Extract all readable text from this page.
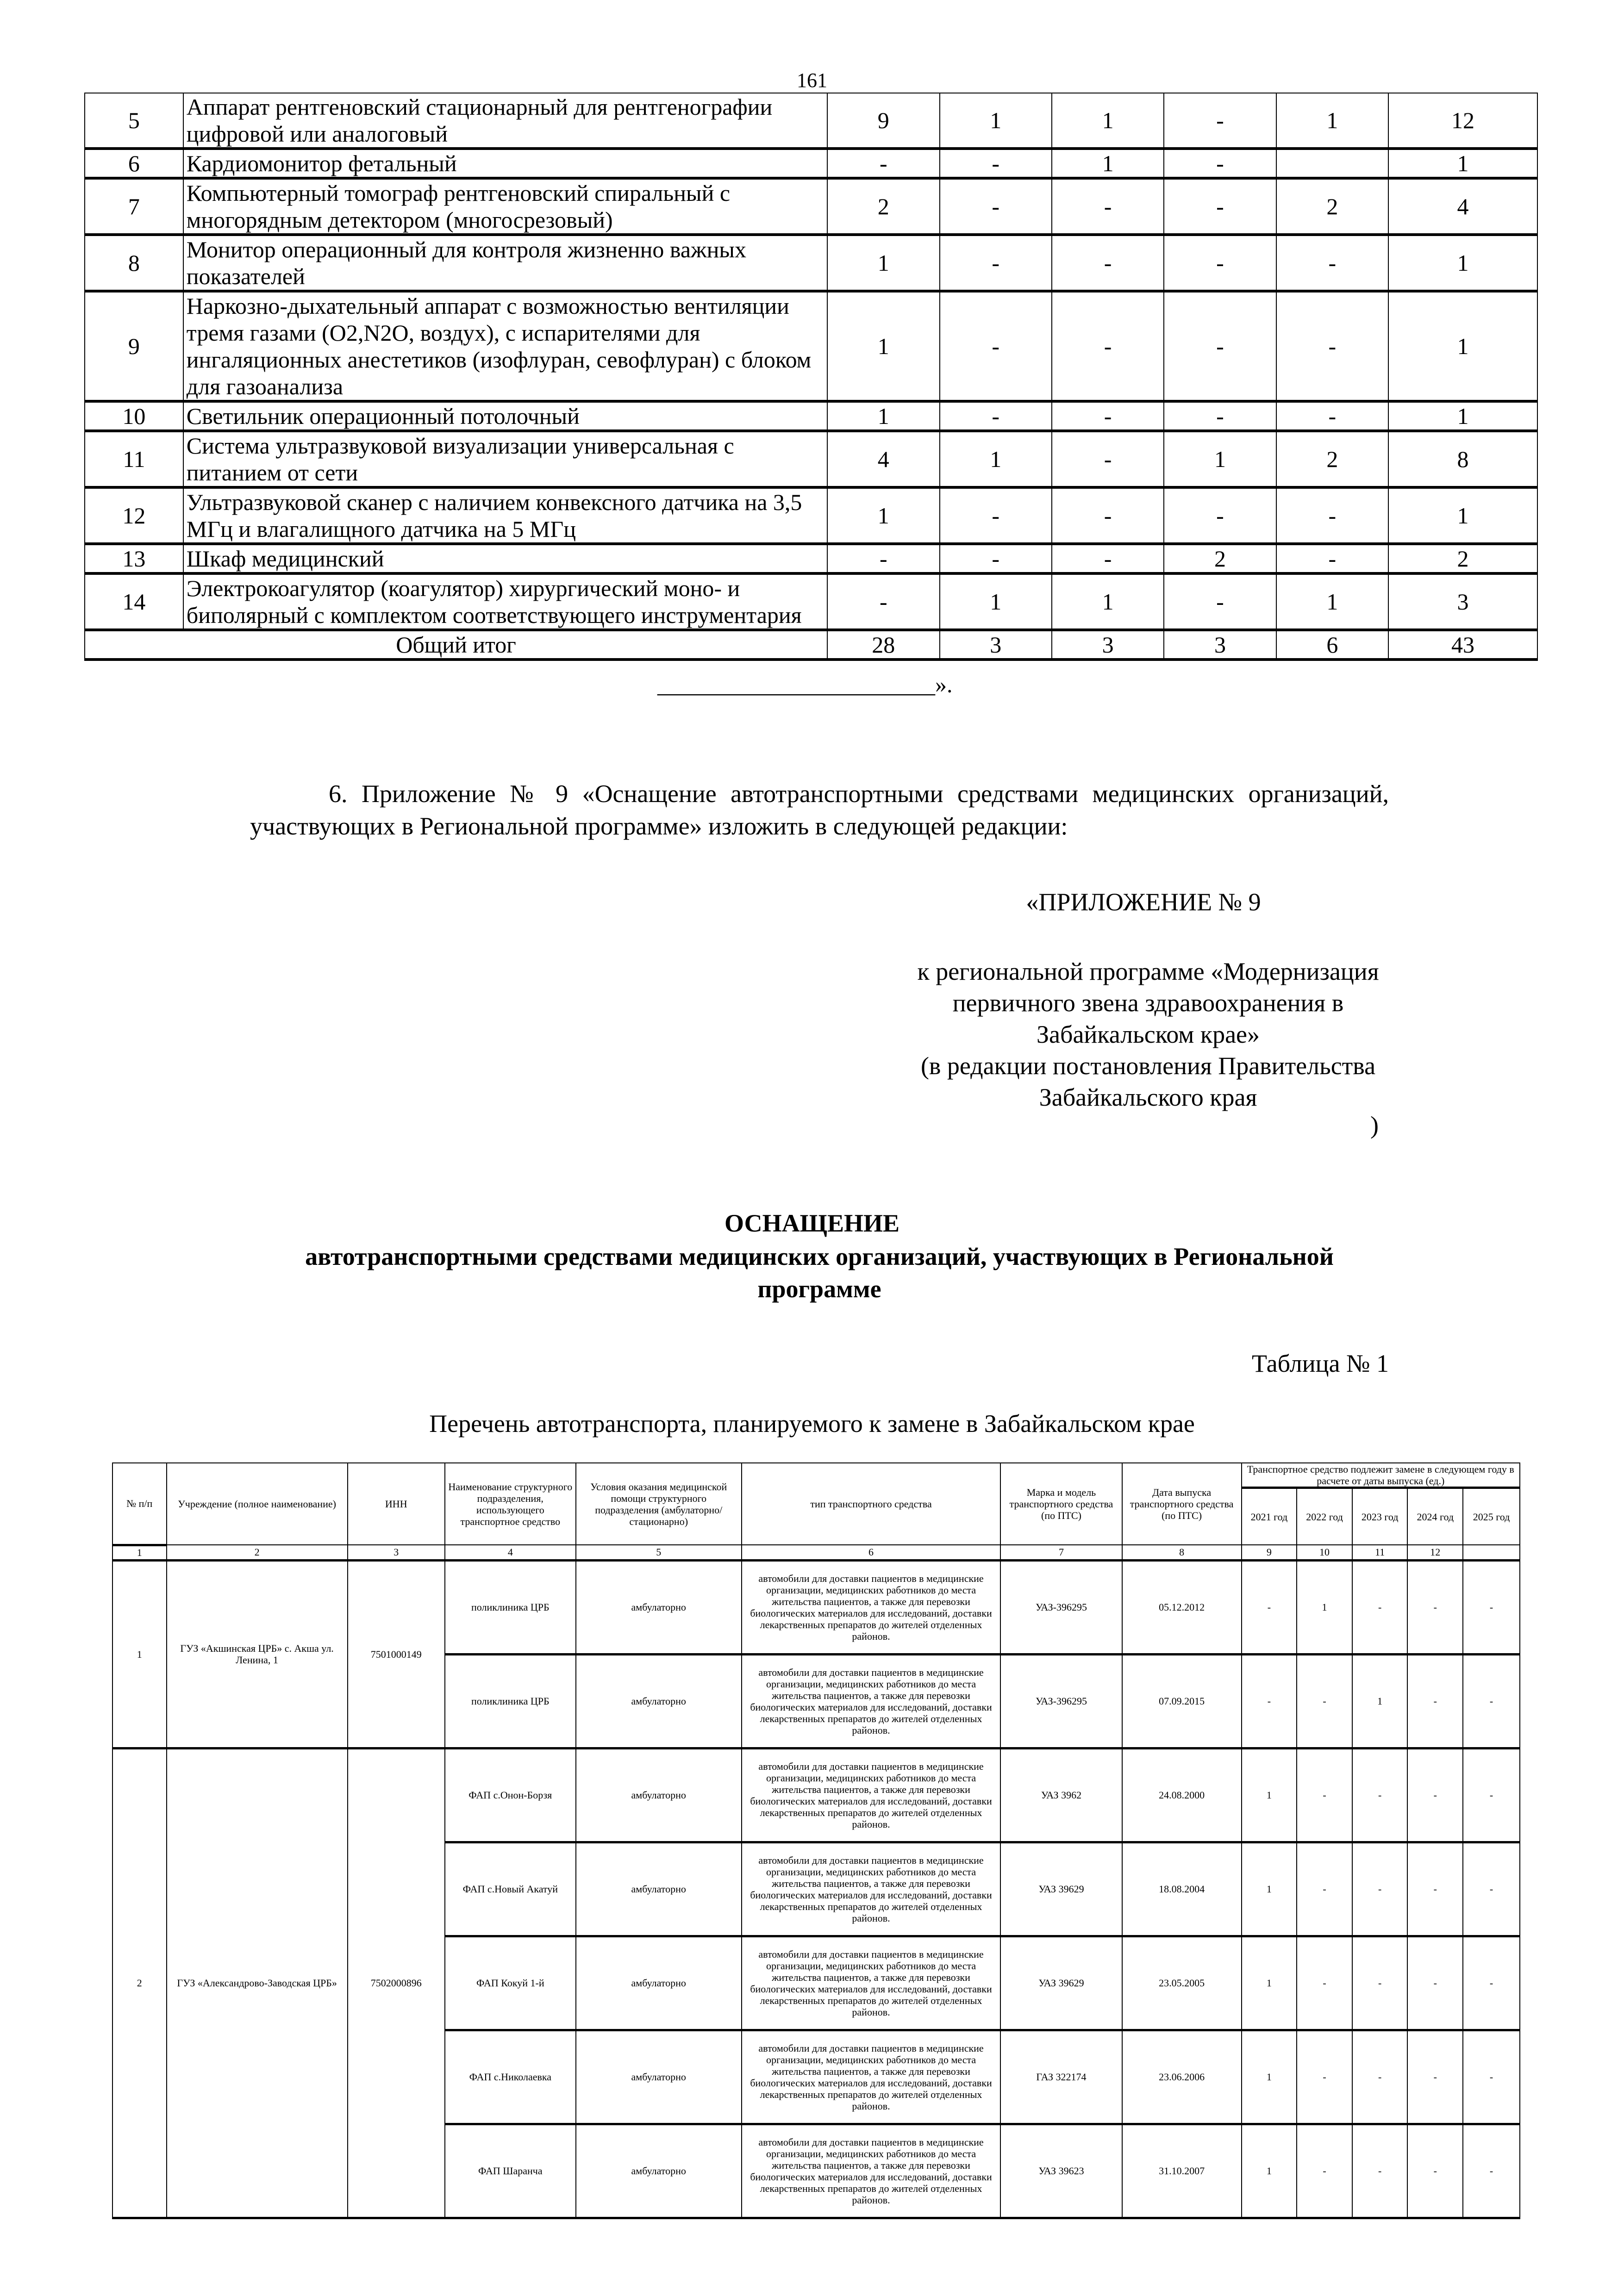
161
5	Аппарат рентгеновский стационарный для рентгенографии цифровой или аналоговый	9	1	1	-	1	12
6	Кардиомонитор фетальный	-	-	1	-		1
7	Компьютерный томограф рентгеновский спиральный с многорядным детектором (многосрезовый)	2	-	-	-	2	4
8	Монитор операционный для контроля жизненно важных показателей	1	-	-	-	-	1
9	Наркозно-дыхательный аппарат с возможностью вентиляции тремя газами (О2,N2O, воздух), с испарителями для ингаляционных анестетиков (изофлуран, севофлуран) с блоком для газоанализа	1	-	-	-	-	1
10	Светильник операционный потолочный	1	-	-	-	-	1
11	Система ультразвуковой визуализации универсальная с питанием от сети	4	1	-	1	2	8
12	Ультразвуковой сканер с наличием конвексного датчика на 3,5 МГц и влагалищного датчика на 5 МГц	1	-	-	-	-	1
13	Шкаф медицинский	-	-	-	2	-	2
14	Электрокоагулятор (коагулятор) хирургический моно- и биполярный с комплектом соответствующего инструментария	-	1	1	-	1	3
Общий итог		28	3	3	3	6	43
________________________».
6. Приложение № 9 «Оснащение автотранспортными средствами медицинских организаций, участвующих в Региональной программе» изложить в следующей редакции:
«ПРИЛОЖЕНИЕ № 9
к региональной программе «Модернизация
первичного звена здравоохранения в
Забайкальском крае»
(в редакции постановления Правительства
Забайкальского края
)
ОСНАЩЕНИЕ
автотранспортными средствами медицинских организаций, участвующих в Региональной программе
Таблица № 1
Перечень автотранспорта, планируемого к замене в Забайкальском крае
№ п/п	Учреждение (полное наименование)	ИНН	Наименование структурного подразделения, использующего транспортное средство	Условия оказания медицинской помощи структурного подразделения (амбулаторно/стационарно)	тип транспортного средства	Марка и модель транспортного средства (по ПТС)	Дата выпуска транспортного средства (по ПТС)	Транспортное средство подлежит замене в следующем году в расчете от даты выпуска (ед.)				
								2021 год	2022 год	2023 год	2024 год	2025 год
1	2	3	4	5	6	7	8	9	10	11	12	
1	ГУЗ «Акшинская ЦРБ» с. Акша ул. Ленина, 1	7501000149	поликлиника ЦРБ	амбулаторно	автомобили для доставки пациентов в медицинские организации, медицинских работников до места жительства пациентов, а также для перевозки биологических материалов для исследований, доставки лекарственных препаратов до жителей отделенных районов.	УАЗ-396295	05.12.2012	-	1	-	-	-
			поликлиника ЦРБ	амбулаторно	автомобили для доставки пациентов в медицинские организации, медицинских работников до места жительства пациентов, а также для перевозки биологических материалов для исследований, доставки лекарственных препаратов до жителей отделенных районов.	УАЗ-396295	07.09.2015	-	-	1	-	-
2	ГУЗ «Александрово-Заводская ЦРБ»	7502000896	ФАП с.Онон-Борзя	амбулаторно	автомобили для доставки пациентов в медицинские организации, медицинских работников до места жительства пациентов, а также для перевозки биологических материалов для исследований, доставки лекарственных препаратов до жителей отделенных районов.	УАЗ 3962	24.08.2000	1	-	-	-	-
			ФАП с.Новый Акатуй	амбулаторно	автомобили для доставки пациентов в медицинские организации, медицинских работников до места жительства пациентов, а также для перевозки биологических материалов для исследований, доставки лекарственных препаратов до жителей отделенных районов.	УАЗ 39629	18.08.2004	1	-	-	-	-
			ФАП Кокуй 1-й	амбулаторно	автомобили для доставки пациентов в медицинские организации, медицинских работников до места жительства пациентов, а также для перевозки биологических материалов для исследований, доставки лекарственных препаратов до жителей отделенных районов.	УАЗ 39629	23.05.2005	1	-	-	-	-
			ФАП с.Николаевка	амбулаторно	автомобили для доставки пациентов в медицинские организации, медицинских работников до места жительства пациентов, а также для перевозки биологических материалов для исследований, доставки лекарственных препаратов до жителей отделенных районов.	ГАЗ 322174	23.06.2006	1	-	-	-	-
			ФАП Шаранча	амбулаторно	автомобили для доставки пациентов в медицинские организации, медицинских работников до места жительства пациентов, а также для перевозки биологических материалов для исследований, доставки лекарственных препаратов до жителей отделенных районов.	УАЗ 39623	31.10.2007	1	-	-	-	-
